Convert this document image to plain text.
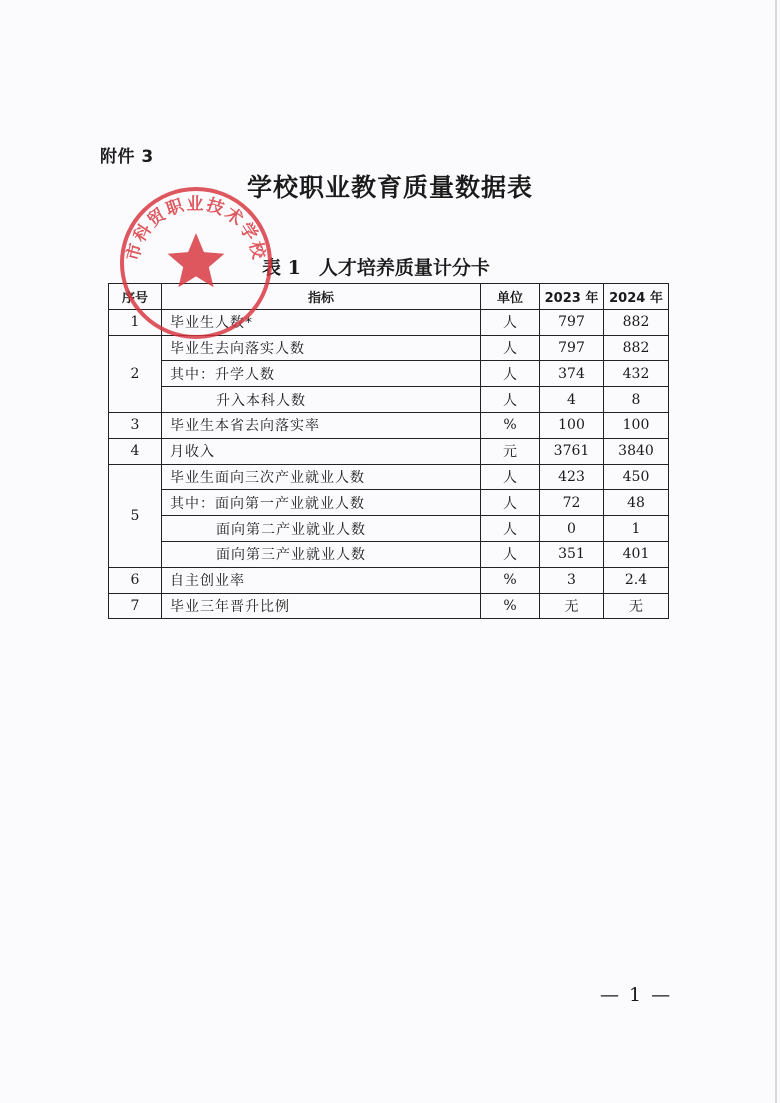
附件 3
学校职业教育质量数据表
表 1 人才培养质量计分卡
序号	指标	单位	2023 年	2024 年
1	毕业生人数*	人	797	882
2	毕业生去向落实人数	人	797	882
	其中：升学人数	人	374	432
	升入本科人数	人	4	8
3	毕业生本省去向落实率	%	100	100
4	月收入	元	3761	3840
5	毕业生面向三次产业就业人数	人	423	450
	其中：面向第一产业就业人数	人	72	48
	面向第二产业就业人数	人	0	1
	面向第三产业就业人数	人	351	401
6	自主创业率	%	3	2.4
7	毕业三年晋升比例	%	无	无
市科贸职业技术学校
— 1 —
